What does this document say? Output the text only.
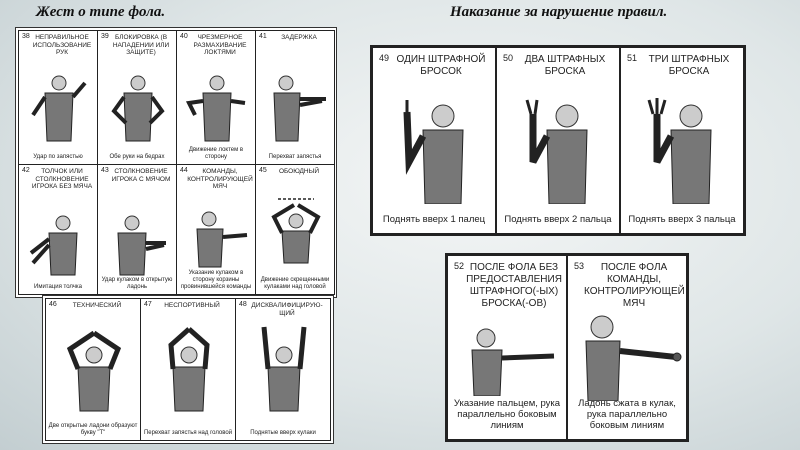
Жест о типе фола.	Наказание за нарушение правил.
38 НЕПРАВИЛЬНОЕ ИСПОЛЬЗОВАНИЕ РУК
Удар по запястью
39 БЛОКИРОВКА (В НАПАДЕНИИ ИЛИ ЗАЩИТЕ)
Обе руки на бедрах
40	ЧРЕЗМЕРНОЕ РАЗМАХИВАНИЕ ЛОКТЯМИ
Движение локтем в сторону
41	ЗАДЕРЖКА
Перехват запястья
42	ТОЛЧОК ИЛИ СТОЛКНОВЕНИЕ ИГРОКА БЕЗ МЯЧА
Имитация толчка
43 СТОЛКНОВЕНИЕ ИГРОКА С МЯЧОМ
Удар кулаком в открытую ладонь
44	КОМАНДЫ, КОНТРОЛИРУЮЩЕЙ МЯЧ
Указание кулаком в сторону корзины провинившейся команды
45	ОБОЮДНЫЙ
Движение скрещенными кулаками над головой
46	ТЕХНИЧЕСКИЙ
Две открытые ладони образуют букву "Т"
47	НЕСПОРТИВНЫЙ
Перехват запястья над головой
48 ДИСКВАЛИФИЦИРУЮ-ЩИЙ
Поднятые вверх кулаки
49 ОДИН ШТРАФНОЙ БРОСОК
Поднять вверх 1 палец
50	ДВА ШТРАФНЫХ БРОСКА
Поднять вверх 2 пальца
51	ТРИ ШТРАФНЫХ БРОСКА
Поднять вверх 3 пальца
52 ПОСЛЕ ФОЛА БЕЗ ПРЕДОСТАВЛЕНИЯ ШТРАФНОГО(-ЫХ) БРОСКА(-ОВ)
Указание пальцем, рука параллельно боковым линиям
53	ПОСЛЕ ФОЛА КОМАНДЫ, КОНТРОЛИРУЮЩЕЙ МЯЧ
Ладонь сжата в кулак, рука параллельно боковым линиям
